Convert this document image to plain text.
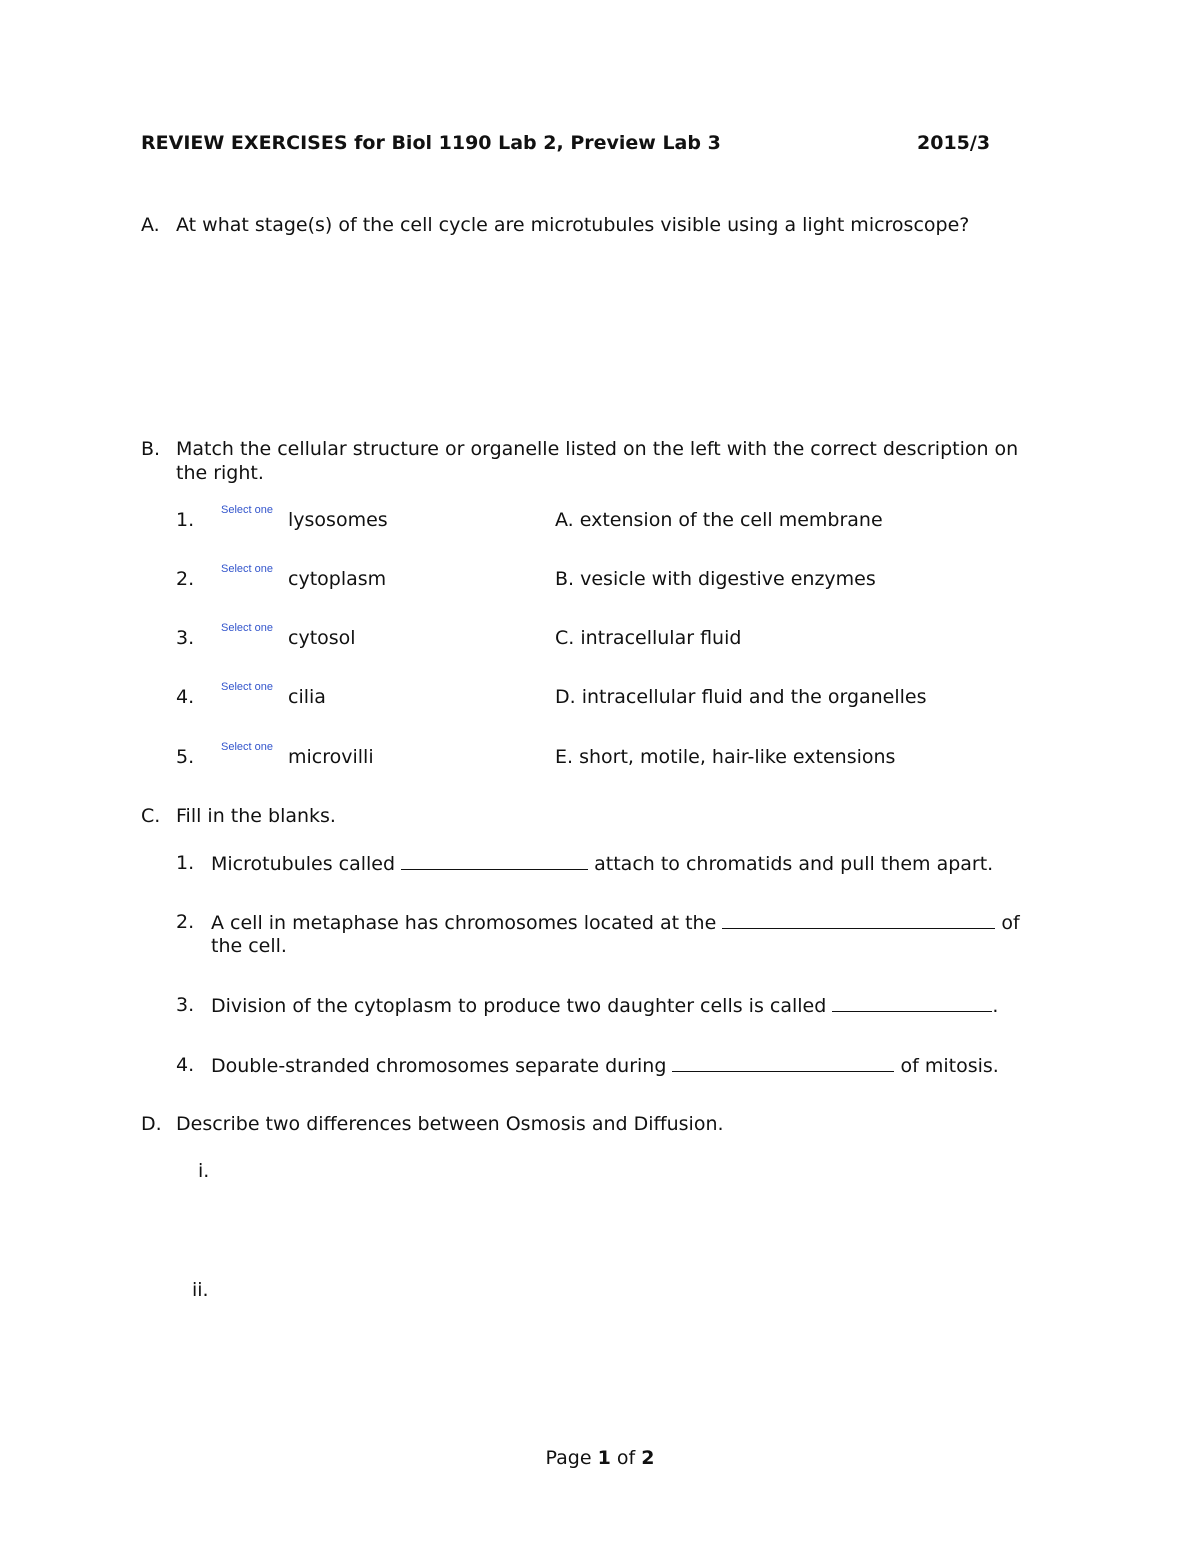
REVIEW EXERCISES for Biol 1190 Lab 2, Preview Lab 3	2015/3
A. At what stage(s) of the cell cycle are microtubules visible using a light microscope?
B. Match the cellular structure or organelle listed on the left with the correct description on
the right.
1. Select one lysosomes	A. extension of the cell membrane
2. Select one cytoplasm	B. vesicle with digestive enzymes
3. Select one cytosol	C. intracellular fluid
4. Select one cilia	D. intracellular fluid and the organelles
5. Select one microvilli	E. short, motile, hair-like extensions
C. Fill in the blanks.
1. Microtubules called	attach to chromatids and pull them apart.
2. A cell in metaphase has chromosomes located at the	of
the cell.
3. Division of the cytoplasm to produce two daughter cells is called	.
4. Double-stranded chromosomes separate during	of mitosis.
D. Describe two differences between Osmosis and Diffusion.
i.
ii.
Page 1 of 2
